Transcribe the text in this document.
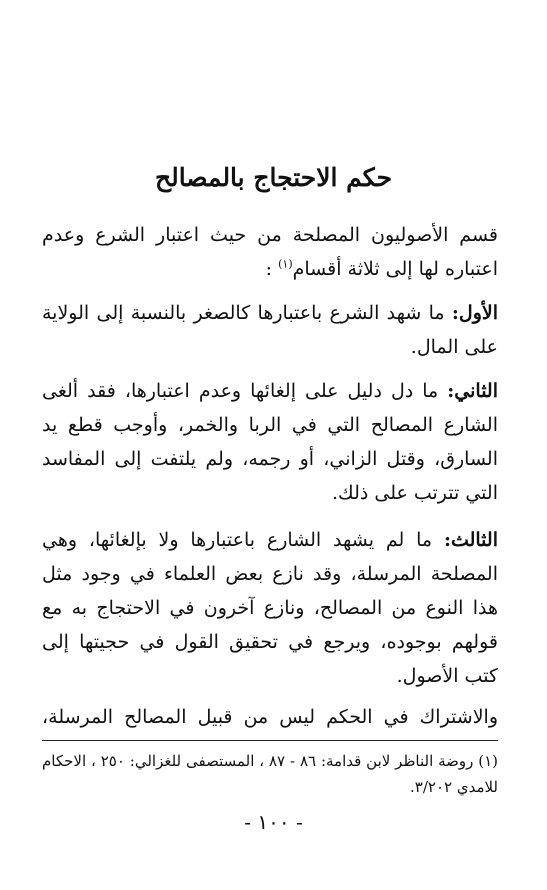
حكم الاحتجاج بالمصالح

قسم الأصوليون المصلحة من حيث اعتبار الشرع وعدم اعتباره لها إلى ثلاثة أقسام$^{(١)}$ :

الأول: ما شهد الشرع باعتبارها كالصغر بالنسبة إلى الولاية على المال.

الثاني: ما دل دليل على إلغائها وعدم اعتبارها، فقد ألغى الشارع المصالح التي في الربا والخمر، وأوجب قطع يد السارق، وقتل الزاني، أو رجمه، ولم يلتفت إلى المفاسد التي تترتب على ذلك.

الثالث: ما لم يشهد الشارع باعتبارها ولا بإلغائها، وهي المصلحة المرسلة، وقد نازع بعض العلماء في وجود مثل هذا النوع من المصالح، ونازع آخرون في الاحتجاج به مع قولهم بوجوده، ويرجع في تحقيق القول في حجيتها إلى كتب الأصول.

والاشتراك في الحكم ليس من قبيل المصالح المرسلة،

(١) روضة الناظر لابن قدامة: ٨٦ - ٨٧ ، المستصفى للغزالي: ٢٥٠ ، الاحكام للامدي ٣/٢٠٢.

- ١٠٠ -
